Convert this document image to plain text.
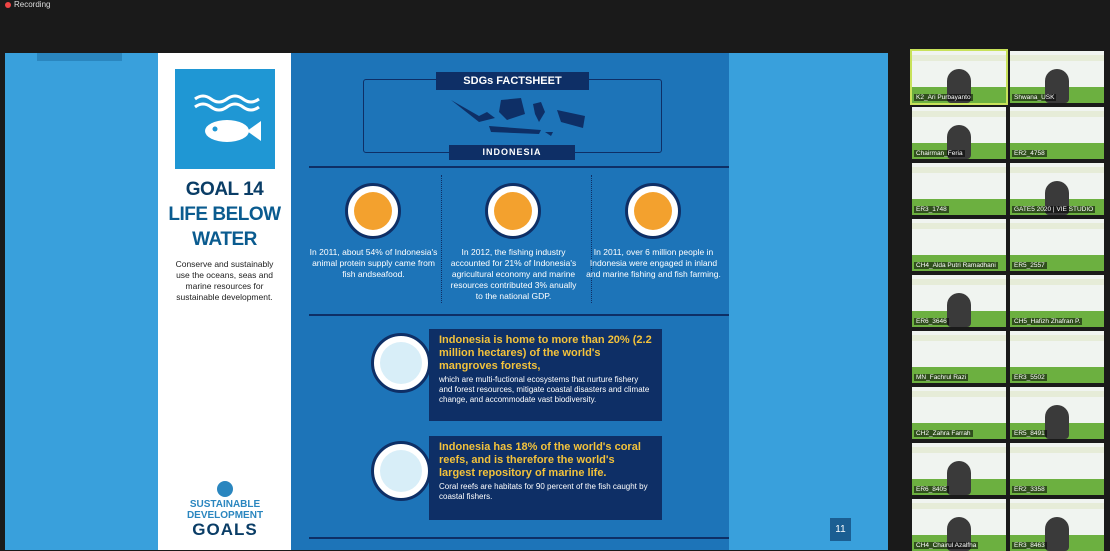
Recording
GOAL 14
LIFE BELOW
WATER
Conserve and sustainably use the oceans, seas and marine resources for sustainable development.
SUSTAINABLE
DEVELOPMENT
GOALS
SDGs FACTSHEET
INDONESIA
In 2011, about 54% of Indonesia's animal protein supply came from fish andseafood.
In 2012, the fishing industry accounted for 21% of Indonesia's agricultural economy and marine resources contributed 3% anually to the national GDP.
In 2011, over 6 million people in Indonesia were engaged in inland and marine fishing and fish farming.
Indonesia is home to more than 20% (2.2 million hectares) of the world's mangroves forests,
which are multi-fuctional ecosystems that nurture fishery and forest resources, mitigate coastal disasters and climate change, and accommodate vast biodiversity.
Indonesia has 18% of the world's coral reefs, and is therefore the world's largest repository of marine life.
Coral reefs are habitats for 90 percent of the fish caught by coastal fishers.
11
K2_Ari Purbayanto	Shwana_USK
Chairman_Feria	ER2_4758
ER3_1748	GATE5 2020 | VIE STUDIO
CH4_Alda Putri Ramadhani	ER5_2557
ER6_3646	CH5_Hafizh Zhafran P.
MN_Fachrul Razi	ER3_5502
CH2_Zahra Farrah	ER5_8491
ER6_8405	ER2_3358
CH4_Chairul Azalfha	ER3_8463
